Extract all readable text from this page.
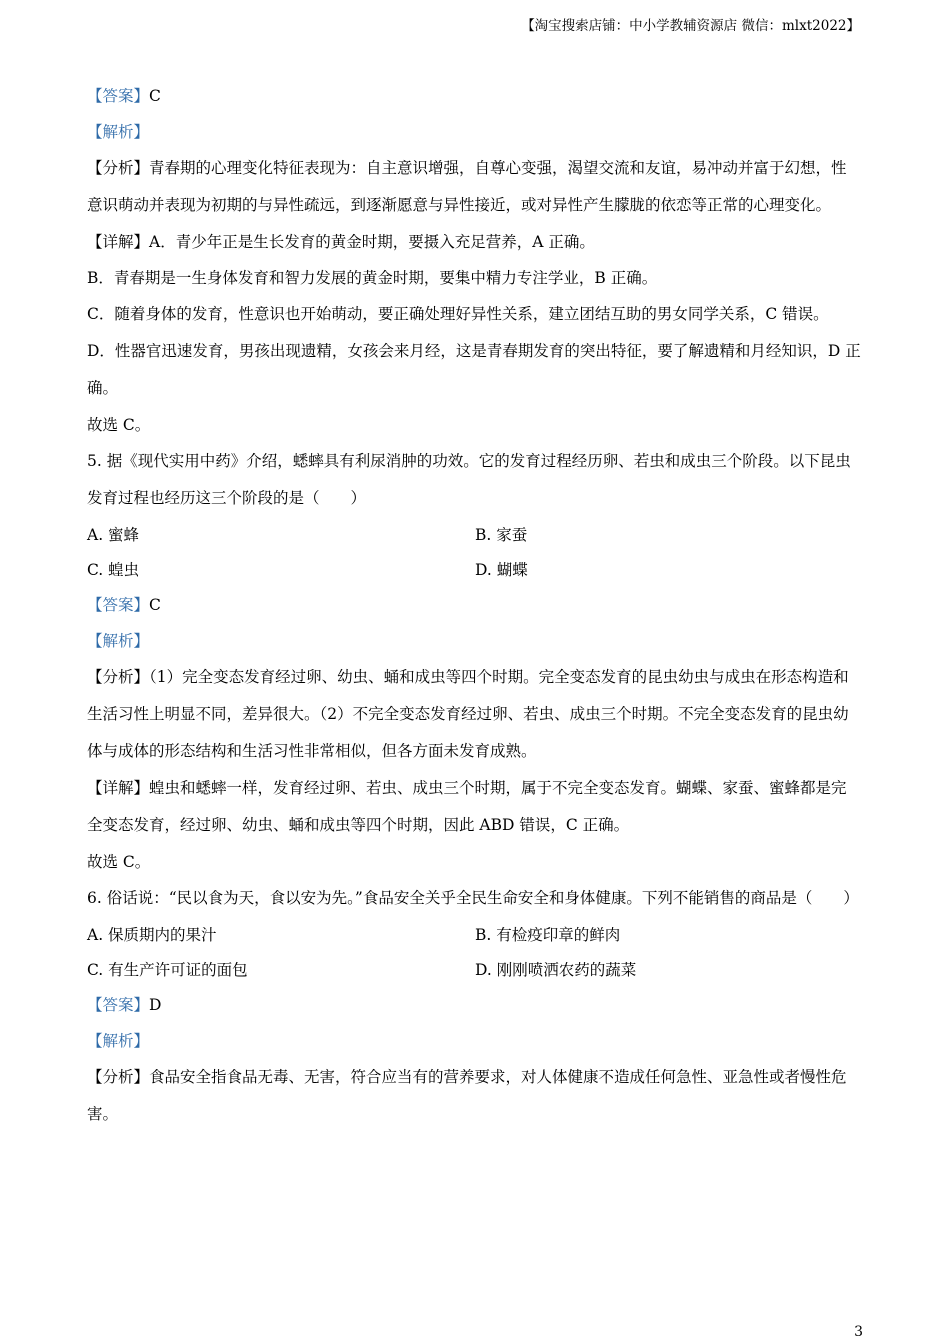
【淘宝搜索店铺：中小学教辅资源店 微信：mlxt2022】
【答案】C
【解析】
【分析】青春期的心理变化特征表现为：自主意识增强，自尊心变强，渴望交流和友谊，易冲动并富于幻想，性意识萌动并表现为初期的与异性疏远，到逐渐愿意与异性接近，或对异性产生朦胧的依恋等正常的心理变化。
【详解】A．青少年正是生长发育的黄金时期，要摄入充足营养，A 正确。
B．青春期是一生身体发育和智力发展的黄金时期，要集中精力专注学业，B 正确。
C．随着身体的发育，性意识也开始萌动，要正确处理好异性关系，建立团结互助的男女同学关系，C 错误。
D．性器官迅速发育，男孩出现遗精，女孩会来月经，这是青春期发育的突出特征，要了解遗精和月经知识，D 正确。
故选 C。
5. 据《现代实用中药》介绍，蟋蟀具有利尿消肿的功效。它的发育过程经历卵、若虫和成虫三个阶段。以下昆虫发育过程也经历这三个阶段的是（　　）
A. 蜜蜂	B. 家蚕
C. 蝗虫	D. 蝴蝶
【答案】C
【解析】
【分析】（1）完全变态发育经过卵、幼虫、蛹和成虫等四个时期。完全变态发育的昆虫幼虫与成虫在形态构造和生活习性上明显不同，差异很大。（2）不完全变态发育经过卵、若虫、成虫三个时期。不完全变态发育的昆虫幼体与成体的形态结构和生活习性非常相似，但各方面未发育成熟。
【详解】蝗虫和蟋蟀一样，发育经过卵、若虫、成虫三个时期，属于不完全变态发育。蝴蝶、家蚕、蜜蜂都是完全变态发育，经过卵、幼虫、蛹和成虫等四个时期，因此 ABD 错误，C 正确。
故选 C。
6. 俗话说：“民以食为天，食以安为先。”食品安全关乎全民生命安全和身体健康。下列不能销售的商品是（　　）
A. 保质期内的果汁	B. 有检疫印章的鲜肉
C. 有生产许可证的面包	D. 刚刚喷洒农药的蔬菜
【答案】D
【解析】
【分析】食品安全指食品无毒、无害，符合应当有的营养要求，对人体健康不造成任何急性、亚急性或者慢性危害。
3
